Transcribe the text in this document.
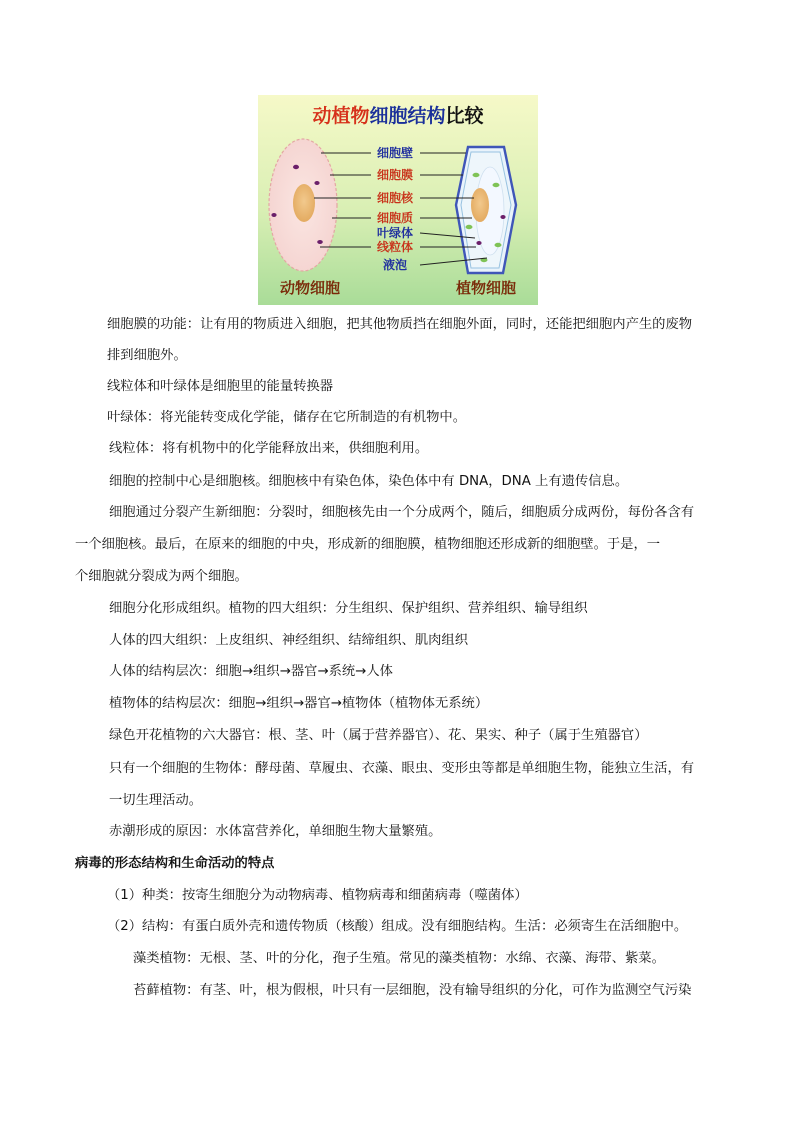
动植物细胞结构比较
细胞壁
细胞膜
细胞核
细胞质
叶绿体
线粒体
液泡
动物细胞	植物细胞
细胞膜的功能：让有用的物质进入细胞，把其他物质挡在细胞外面，同时，还能把细胞内产生的废物
排到细胞外。
线粒体和叶绿体是细胞里的能量转换器
叶绿体：将光能转变成化学能，储存在它所制造的有机物中。
线粒体：将有机物中的化学能释放出来，供细胞利用。
细胞的控制中心是细胞核。细胞核中有染色体，染色体中有 DNA，DNA 上有遗传信息。
细胞通过分裂产生新细胞：分裂时，细胞核先由一个分成两个，随后，细胞质分成两份，每份各含有
一个细胞核。最后，在原来的细胞的中央，形成新的细胞膜，植物细胞还形成新的细胞壁。于是，一
个细胞就分裂成为两个细胞。
细胞分化形成组织。植物的四大组织：分生组织、保护组织、营养组织、输导组织
人体的四大组织：上皮组织、神经组织、结缔组织、肌肉组织
人体的结构层次：细胞→组织→器官→系统→人体
植物体的结构层次：细胞→组织→器官→植物体（植物体无系统）
绿色开花植物的六大器官：根、茎、叶（属于营养器官）、花、果实、种子（属于生殖器官）
只有一个细胞的生物体：酵母菌、草履虫、衣藻、眼虫、变形虫等都是单细胞生物，能独立生活，有
一切生理活动。
赤潮形成的原因：水体富营养化，单细胞生物大量繁殖。
病毒的形态结构和生命活动的特点
（1）种类：按寄生细胞分为动物病毒、植物病毒和细菌病毒（噬菌体）
（2）结构：有蛋白质外壳和遗传物质（核酸）组成。没有细胞结构。生活：必须寄生在活细胞中。
藻类植物：无根、茎、叶的分化，孢子生殖。常见的藻类植物：水绵、衣藻、海带、紫菜。
苔藓植物：有茎、叶，根为假根，叶只有一层细胞，没有输导组织的分化，可作为监测空气污染
